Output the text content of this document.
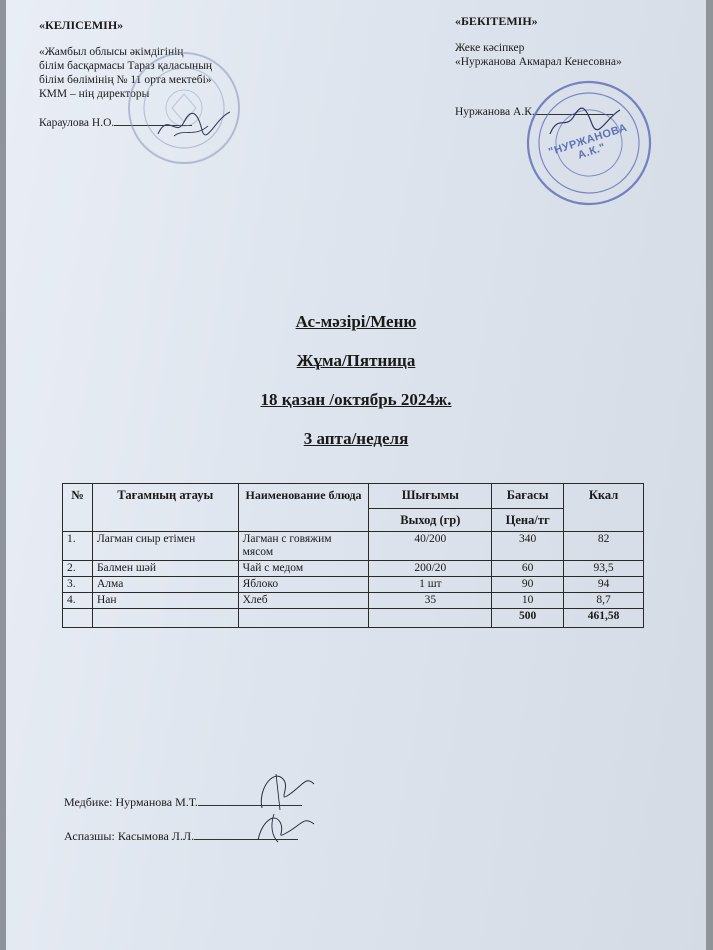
«КЕЛІСЕМІН»
«Жамбыл облысы әкімдігінің
білім басқармасы Тараз қаласының
білім бөлімінің № 11 орта мектебі»
КММ – нің директоры
Караулова Н.О.
«БЕКІТЕМІН»
Жеке кәсіпкер
«Нуржанова Акмарал Кенесовна»
Нуржанова А.К.
"НУРЖАНОВА А.К."
Ас-мәзірі/Меню
Жұма/Пятница
18 қазан /октябрь 2024ж.
3 апта/неделя
№	Тағамның атауы	Наименование блюда	Шығымы	Бағасы	Ккал
			Выход (гр)	Цена/тг	
1.	Лагман сиыр етімен	Лагман с говяжим мясом	40/200	340	82
2.	Балмен шәй	Чай с медом	200/20	60	93,5
3.	Алма	Яблоко	1 шт	90	94
4.	Нан	Хлеб	35	10	8,7
				500	461,58
Медбике: Нурманова М.Т.
Аспазшы: Касымова Л.Л.
